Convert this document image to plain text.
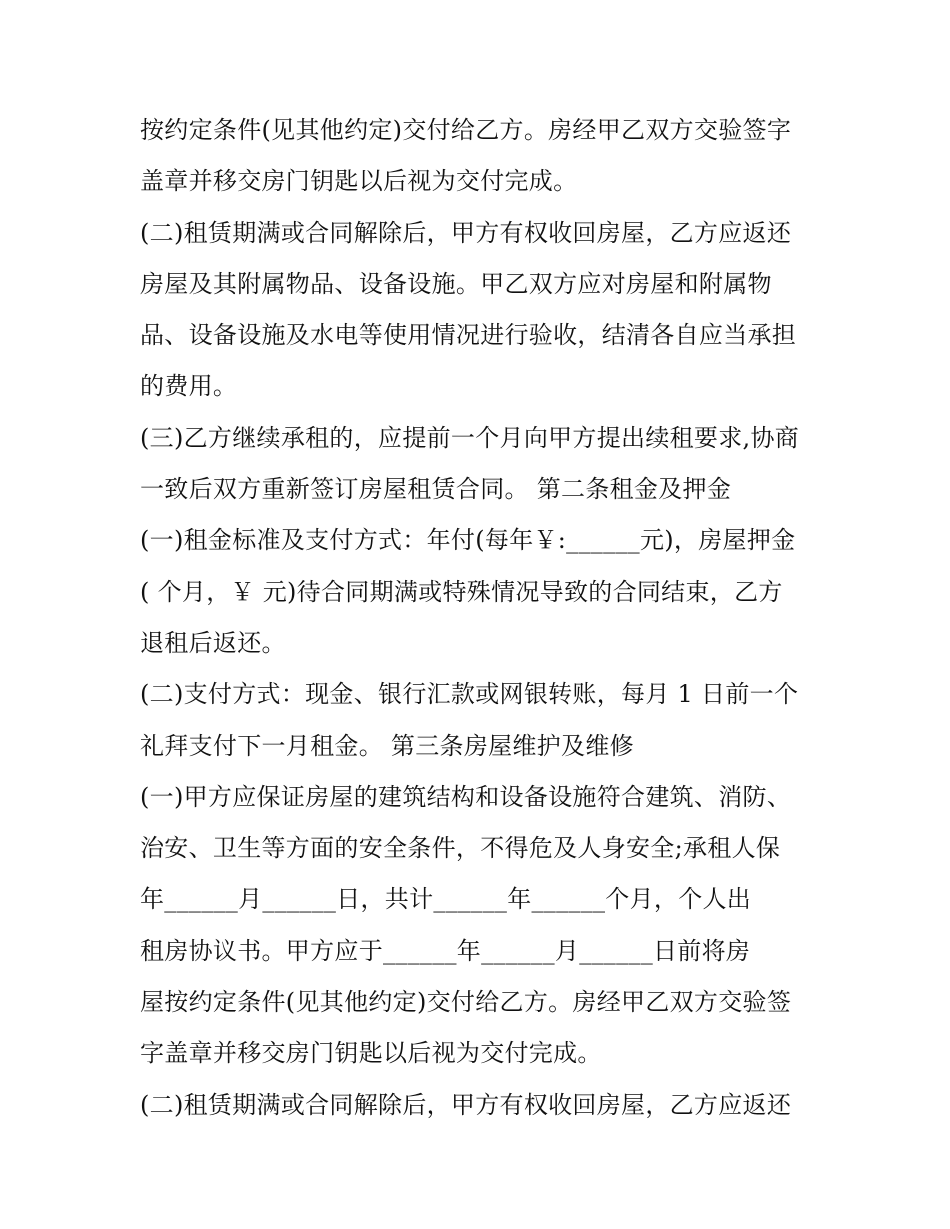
按约定条件(见其他约定)交付给乙方。房经甲乙双方交验签字
盖章并移交房门钥匙以后视为交付完成。
(二)租赁期满或合同解除后，甲方有权收回房屋，乙方应返还
房屋及其附属物品、设备设施。甲乙双方应对房屋和附属物
品、设备设施及水电等使用情况进行验收，结清各自应当承担
的费用。
(三)乙方继续承租的，应提前一个月向甲方提出续租要求,协商
一致后双方重新签订房屋租赁合同。 第二条租金及押金
(一)租金标准及支付方式：年付(每年￥:______元)，房屋押金
( 个月，￥ 元)待合同期满或特殊情况导致的合同结束，乙方
退租后返还。
(二)支付方式：现金、银行汇款或网银转账，每月 1 日前一个
礼拜支付下一月租金。 第三条房屋维护及维修
(一)甲方应保证房屋的建筑结构和设备设施符合建筑、消防、
治安、卫生等方面的安全条件，不得危及人身安全;承租人保
年______月______日，共计______年______个月，个人出
租房协议书。甲方应于______年______月______日前将房
屋按约定条件(见其他约定)交付给乙方。房经甲乙双方交验签
字盖章并移交房门钥匙以后视为交付完成。
(二)租赁期满或合同解除后，甲方有权收回房屋，乙方应返还
